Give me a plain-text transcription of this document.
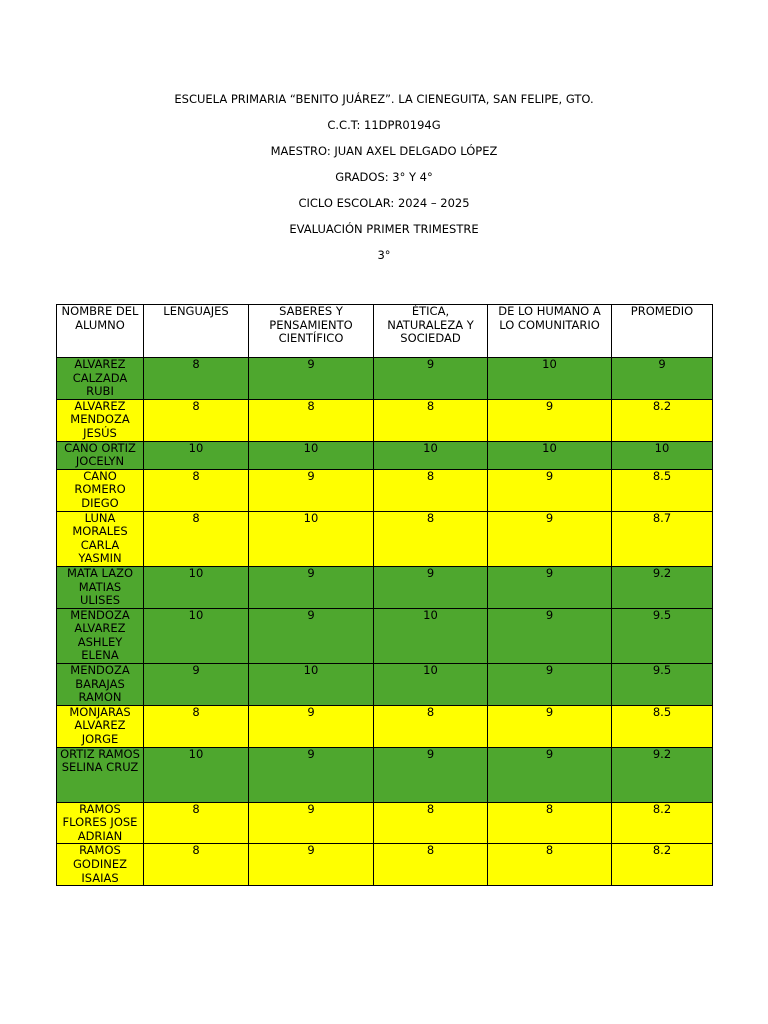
ESCUELA PRIMARIA “BENITO JUÁREZ”. LA CIENEGUITA, SAN FELIPE, GTO.
C.C.T: 11DPR0194G
MAESTRO: JUAN AXEL DELGADO LÓPEZ
GRADOS: 3° Y 4°
CICLO ESCOLAR: 2024 – 2025
EVALUACIÓN PRIMER TRIMESTRE
3°
NOMBRE DEL ALUMNO	LENGUAJES	SABERES Y PENSAMIENTO CIENTÍFICO	ÉTICA, NATURALEZA Y SOCIEDAD	DE LO HUMANO A LO COMUNITARIO	PROMEDIO
ALVAREZ CALZADA RUBI	8	9	9	10	9
ALVAREZ MENDOZA JESÚS	8	8	8	9	8.2
CANO ORTIZ JOCELYN	10	10	10	10	10
CANO ROMERO DIEGO	8	9	8	9	8.5
LUNA MORALES CARLA YASMIN	8	10	8	9	8.7
MATA LAZO MATIAS ULISES	10	9	9	9	9.2
MENDOZA ALVAREZ ASHLEY ELENA	10	9	10	9	9.5
MENDOZA BARAJAS RAMON	9	10	10	9	9.5
MONJARAS ALVAREZ JORGE	8	9	8	9	8.5
ORTIZ RAMOS SELINA CRUZ	10	9	9	9	9.2
RAMOS FLORES JOSE ADRIAN	8	9	8	8	8.2
RAMOS GODINEZ ISAIAS	8	9	8	8	8.2
